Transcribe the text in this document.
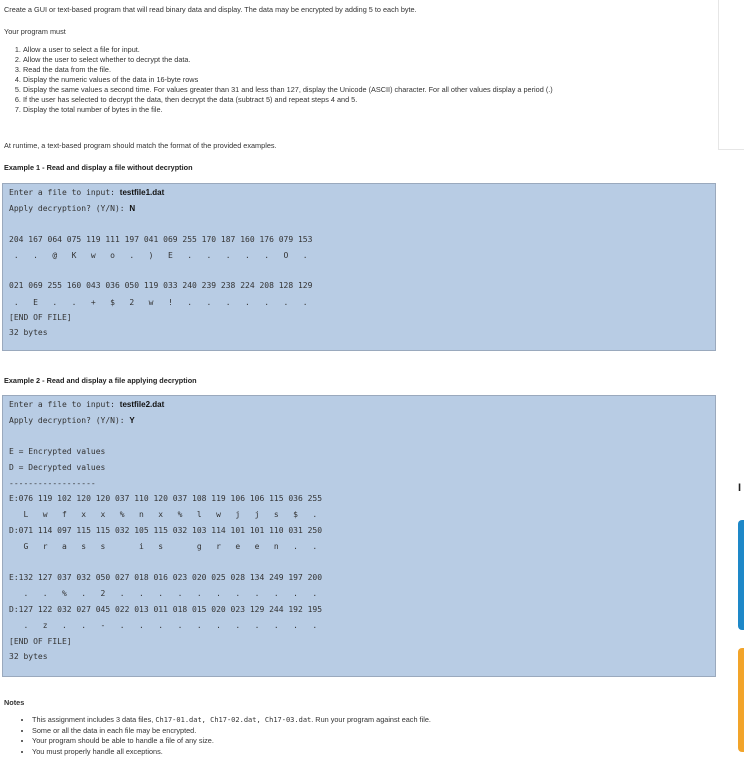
Create a GUI or text-based program that will read binary data and display. The data may be encrypted by adding 5 to each byte.
Your program must
1. Allow a user to select a file for input.
2. Allow the user to select whether to decrypt the data.
3. Read the data from the file.
4. Display the numeric values of the data in 16-byte rows
5. Display the same values a second time. For values greater than 31 and less than 127, display the Unicode (ASCII) character. For all other values display a period (.)
6. If the user has selected to decrypt the data, then decrypt the data (subtract 5) and repeat steps 4 and 5.
7. Display the total number of bytes in the file.
At runtime, a text-based program should match the format of the provided examples.
Example 1 - Read and display a file without decryption
Enter a file to input: testfile1.dat
Apply decryption? (Y/N): N
204 167 064 075 119 111 197 041 069 255 170 187 160 176 079 153
.   .   @   K   w   o   .   )   E   .   .   .   .   .   O   .
021 069 255 160 043 036 050 119 033 240 239 238 224 208 128 129
.   E   .   .   +   $   2   w   !   .   .   .   .   .   .   .
[END OF FILE]
32 bytes
Example 2 - Read and display a file applying decryption
Enter a file to input: testfile2.dat
Apply decryption? (Y/N): Y
E = Encrypted values
D = Decrypted values
------------------
E:076 119 102 120 120 037 110 120 037 108 119 106 106 115 036 255
L   w   f   x   x   %   n   x   %   l   w   j   j   s   $   .
D:071 114 097 115 115 032 105 115 032 103 114 101 101 110 031 250
G   r   a   s   s       i   s       g   r   e   e   n   .   .
E:132 127 037 032 050 027 018 016 023 020 025 028 134 249 197 200
.   .   %   .   2   .   .   .   .   .   .   .   .   .   .   .
D:127 122 032 027 045 022 013 011 018 015 020 023 129 244 192 195
.   z   .   .   -   .   .   .   .   .   .   .   .   .   .   .
[END OF FILE]
32 bytes
Notes
• This assignment includes 3 data files, Ch17-01.dat, Ch17-02.dat, Ch17-03.dat. Run your program against each file.
• Some or all the data in each file may be encrypted.
• Your program should be able to handle a file of any size.
• You must properly handle all exceptions.
I
